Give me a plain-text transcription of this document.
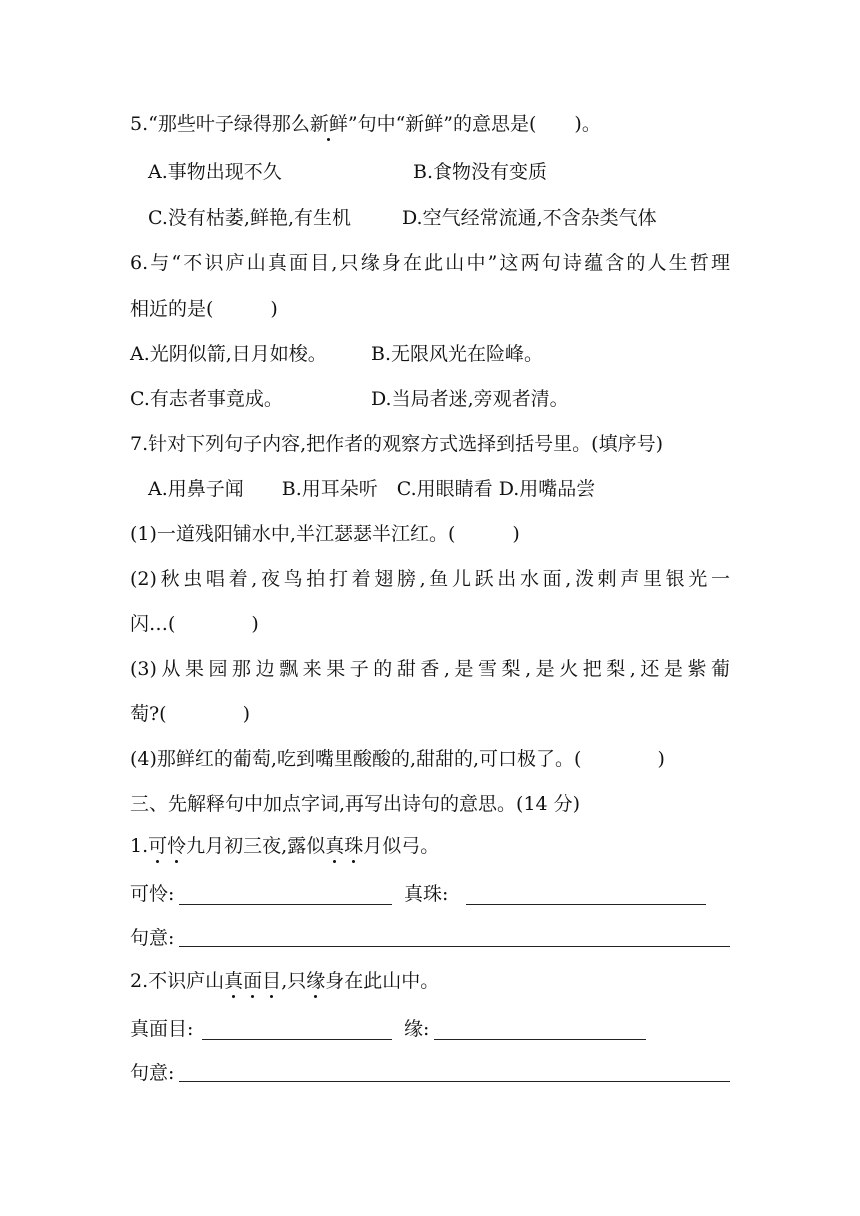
5.“那些叶子绿得那么新鲜”句中“新鲜”的意思是(　　)。
A.事物出现不久	B.食物没有变质
C.没有枯萎,鲜艳,有生机	D.空气经常流通,不含杂类气体
6.与“不识庐山真面目,只缘身在此山中”这两句诗蕴含的人生哲理
相近的是(　　　)
A.光阴似箭,日月如梭。	B.无限风光在险峰。
C.有志者事竟成。	D.当局者迷,旁观者清。
7.针对下列句子内容,把作者的观察方式选择到括号里。(填序号)
A.用鼻子闻　　B.用耳朵听　C.用眼睛看 D.用嘴品尝
(1)一道残阳铺水中,半江瑟瑟半江红。(　　　)
(2)秋虫唱着,夜鸟拍打着翅膀,鱼儿跃出水面,泼剌声里银光一
闪…(　　　　)
(3)从果园那边飘来果子的甜香,是雪梨,是火把梨,还是紫葡
萄?(　　　　)
(4)那鲜红的葡萄,吃到嘴里酸酸的,甜甜的,可口极了。(　　　　)
三、先解释句中加点字词,再写出诗句的意思。(14 分)
1.可怜九月初三夜,露似真珠月似弓。
可怜:	真珠:
句意:
2.不识庐山真面目,只缘身在此山中。
真面目:	缘:
句意:
